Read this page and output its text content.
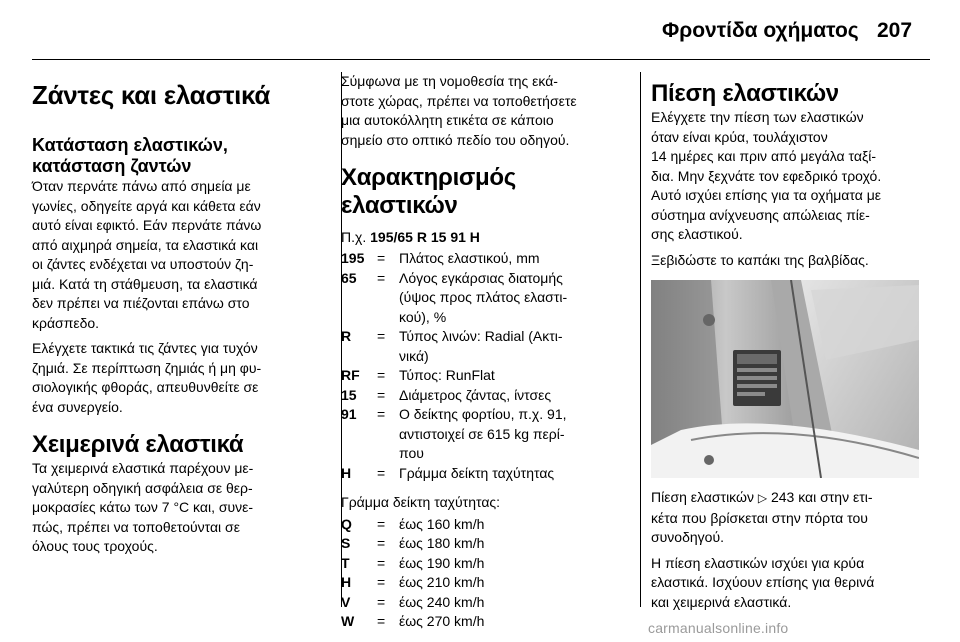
Φροντίδα οχήματος 207
Ζάντες και ελαστικά
Κατάσταση ελαστικών,
κατάσταση ζαντών

Όταν περνάτε πάνω από σημεία με
γωνίες, οδηγείτε αργά και κάθετα εάν
αυτό είναι εφικτό. Εάν περνάτε πάνω
από αιχμηρά σημεία, τα ελαστικά και
οι ζάντες ενδέχεται να υποστούν ζη-
μιά. Κατά τη στάθμευση, τα ελαστικά
δεν πρέπει να πιέζονται επάνω στο
κράσπεδο.

Ελέγχετε τακτικά τις ζάντες για τυχόν
ζημιά. Σε περίπτωση ζημιάς ή μη φυ-
σιολογικής φθοράς, απευθυνθείτε σε
ένα συνεργείο.

Χειμερινά ελαστικά

Τα χειμερινά ελαστικά παρέχουν με-
γαλύτερη οδηγική ασφάλεια σε θερ-
μοκρασίες κάτω των 7 °C και, συνε-
πώς, πρέπει να τοποθετούνται σε
όλους τους τροχούς.

Σύμφωνα με τη νομοθεσία της εκά-
στοτε χώρας, πρέπει να τοποθετήσετε
μια αυτοκόλλητη ετικέτα σε κάποιο
σημείο στο οπτικό πεδίο του οδηγού.

Χαρακτηρισμός ελαστικών
Π.χ. 195/65 R 15 91 H
195	=	Πλάτος ελαστικού, mm
65	=	Λόγος εγκάρσιας διατομής
(ύψος προς πλάτος ελαστι-
κού), %
R	=	Τύπος λινών: Radial (Ακτι-
νικά)
RF	=	Τύπος: RunFlat
15	=	Διάμετρος ζάντας, ίντσες
91	=	Ο δείκτης φορτίου, π.χ. 91,
αντιστοιχεί σε 615 kg περί-
που
H	=	Γράμμα δείκτη ταχύτητας

Γράμμα δείκτη ταχύτητας:

Q	=	έως 160 km/h
S	=	έως 180 km/h
T	=	έως 190 km/h
H	=	έως 210 km/h
V	=	έως 240 km/h
W	=	έως 270 km/h
Πίεση ελαστικών

Ελέγχετε την πίεση των ελαστικών
όταν είναι κρύα, τουλάχιστον
14 ημέρες και πριν από μεγάλα ταξί-
δια. Μην ξεχνάτε τον εφεδρικό τροχό.
Αυτό ισχύει επίσης για τα οχήματα με
σύστημα ανίχνευσης απώλειας πίε-
σης ελαστικού.

Ξεβιδώστε το καπάκι της βαλβίδας.

Πίεση ελαστικών ▷ 243 και στην ετι-
κέτα που βρίσκεται στην πόρτα του
συνοδηγού.

Η πίεση ελαστικών ισχύει για κρύα
ελαστικά. Ισχύουν επίσης για θερινά
και χειμερινά ελαστικά.

carmanualsonline.info
